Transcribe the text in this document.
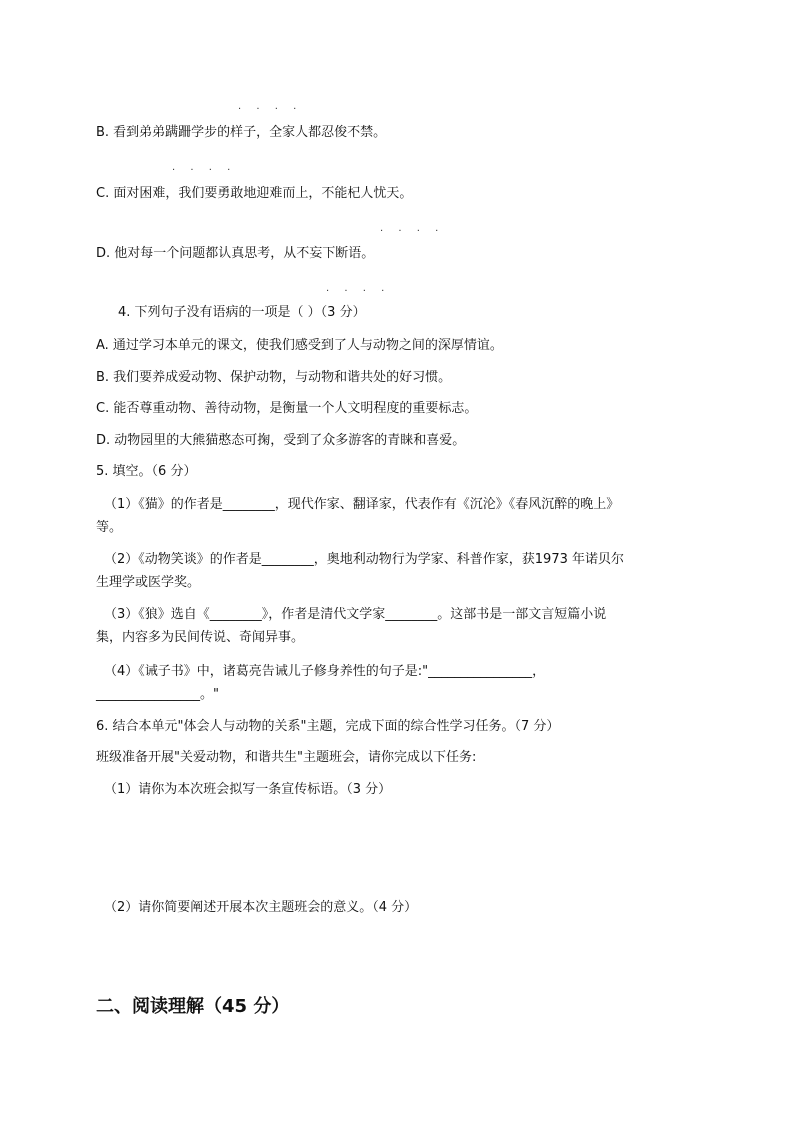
. . . .
B. 看到弟弟蹒跚学步的样子，全家人都忍俊不禁。
. . . .
C. 面对困难，我们要勇敢地迎难而上，不能杞人忧天。
. . . .
D. 他对每一个问题都认真思考，从不妄下断语。
. . . .
4. 下列句子没有语病的一项是（ ）（3 分）
A. 通过学习本单元的课文，使我们感受到了人与动物之间的深厚情谊。
B. 我们要养成爱动物、保护动物，与动物和谐共处的好习惯。
C. 能否尊重动物、善待动物，是衡量一个人文明程度的重要标志。
D. 动物园里的大熊猫憨态可掬，受到了众多游客的青睐和喜爱。
5. 填空。（6 分）
（1）《猫》的作者是________，现代作家、翻译家，代表作有《沉沦》《春风沉醉的晚上》
等。
（2）《动物笑谈》的作者是________，奥地利动物行为学家、科普作家，获1973 年诺贝尔
生理学或医学奖。
（3）《狼》选自《________》，作者是清代文学家________。这部书是一部文言短篇小说
集，内容多为民间传说、奇闻异事。
（4）《诫子书》中，诸葛亮告诫儿子修身养性的句子是:"________________，
________________。"
6. 结合本单元"体会人与动物的关系"主题，完成下面的综合性学习任务。（7 分）
班级准备开展"关爱动物，和谐共生"主题班会，请你完成以下任务:
（1）请你为本次班会拟写一条宣传标语。（3 分）
（2）请你简要阐述开展本次主题班会的意义。（4 分）
二、阅读理解（45 分）
